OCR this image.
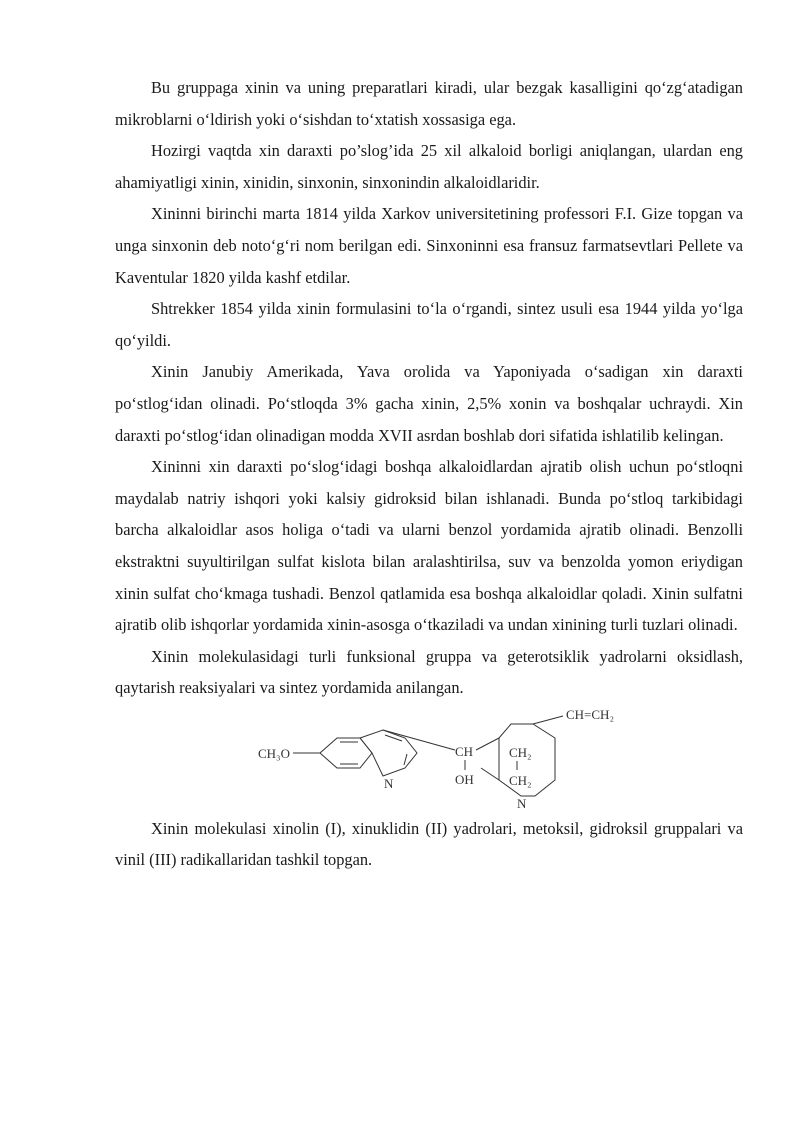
Bu gruppaga xinin va uning preparatlari kiradi, ular bezgak kasalligini qo‘zg‘atadigan mikroblarni o‘ldirish yoki o‘sishdan to‘xtatish xossasiga ega.

Hozirgi vaqtda xin daraxti po’slog’ida 25 xil alkaloid borligi aniqlangan, ulardan eng ahamiyatligi xinin, xinidin, sinxonin, sinxonindin alkaloidlaridir.

Xininni birinchi marta 1814 yilda Xarkov universitetining professori F.I. Gize topgan va unga sinxonin deb noto‘g‘ri nom berilgan edi. Sinxoninni esa fransuz farmatsevtlari Pellete va Kaventular 1820 yilda kashf etdilar.

Shtrekker 1854 yilda xinin formulasini to‘la o‘rgandi, sintez usuli esa 1944 yilda yo‘lga qo‘yildi.

Xinin Janubiy Amerikada, Yava orolida va Yaponiyada o‘sadigan xin daraxti po‘stlog‘idan olinadi. Po‘stloqda 3% gacha xinin, 2,5% xonin va boshqalar uchraydi. Xin daraxti po‘stlog‘idan olinadigan modda XVII asrdan boshlab dori sifatida ishlatilib kelingan.

Xininni xin daraxti po‘slog‘idagi boshqa alkaloidlardan ajratib olish uchun po‘stloqni maydalab natriy ishqori yoki kalsiy gidroksid bilan ishlanadi. Bunda po‘stloq tarkibidagi barcha alkaloidlar asos holiga o‘tadi va ularni benzol yordamida ajratib olinadi. Benzolli ekstraktni suyultirilgan sulfat kislota bilan aralashtirilsa, suv va benzolda yomon eriydigan xinin sulfat cho‘kmaga tushadi. Benzol qatlamida esa boshqa alkaloidlar qoladi. Xinin sulfatni ajratib olib ishqorlar yordamida xinin-asosga o‘tkaziladi va undan xinining turli tuzlari olinadi.

Xinin molekulasidagi turli funksional gruppa va geterotsiklik yadrolarni oksidlash, qaytarish reaksiyalari va sintez yordamida anilangan.

CH₃O
N
CH
OH
CH₂
CH₂
N
CH=CH₂

Xinin molekulasi xinolin (I), xinuklidin (II) yadrolari, metoksil, gidroksil gruppalari va vinil (III) radikallaridan tashkil topgan.
